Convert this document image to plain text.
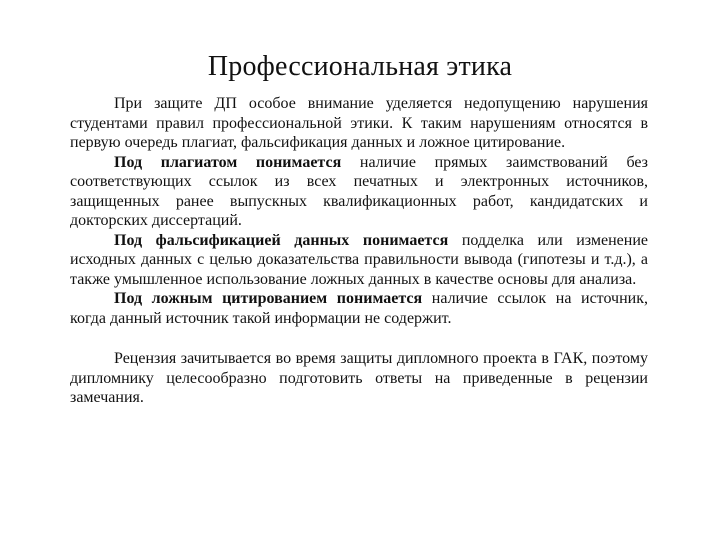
Профессиональная этика

При защите ДП особое внимание уделяется недопущению нарушения студентами правил профессиональной этики. К таким нарушениям относятся в первую очередь плагиат, фальсификация данных и ложное цитирование.

Под плагиатом понимается наличие прямых заимствований без соответствующих ссылок из всех печатных и электронных источников, защищенных ранее выпускных квалификационных работ, кандидатских и докторских диссертаций.

Под фальсификацией данных понимается подделка или изменение исходных данных с целью доказательства правильности вывода (гипотезы и т.д.), а также умышленное использование ложных данных в качестве основы для анализа.

Под ложным цитированием понимается наличие ссылок на источник, когда данный источник такой информации не содержит.

Рецензия зачитывается во время защиты дипломного проекта в ГАК, поэтому дипломнику целесообразно подготовить ответы на приведенные в рецензии замечания.
